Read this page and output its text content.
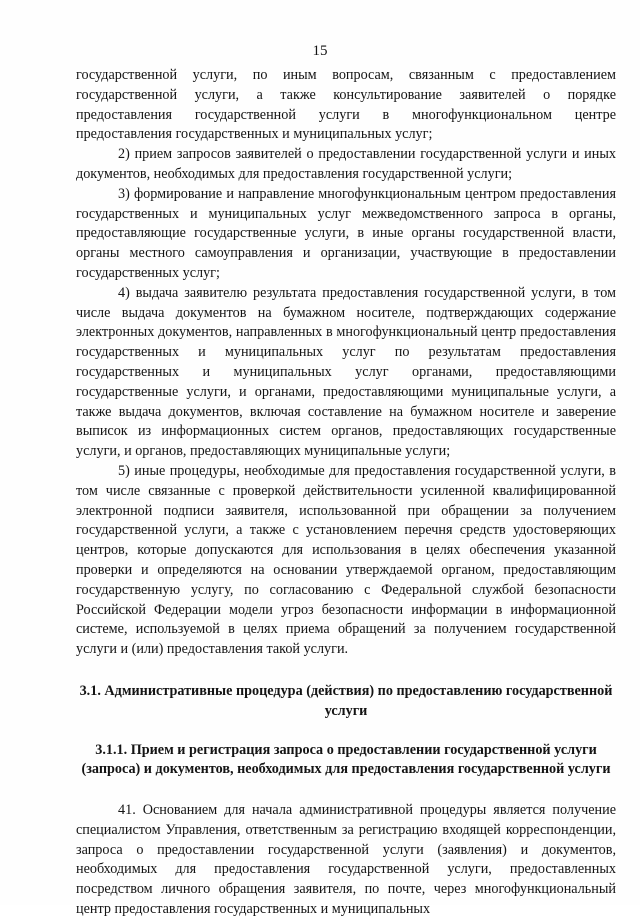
15

государственной услуги, по иным вопросам, связанным с предоставлением государственной услуги, а также консультирование заявителей о порядке предоставления государственной услуги в многофункциональном центре предоставления государственных и муниципальных услуг;

2) прием запросов заявителей о предоставлении государственной услуги и иных документов, необходимых для предоставления государственной услуги;

3) формирование и направление многофункциональным центром предоставления государственных и муниципальных услуг межведомственного запроса в органы, предоставляющие государственные услуги, в иные органы государственной власти, органы местного самоуправления и организации, участвующие в предоставлении государственных услуг;

4) выдача заявителю результата предоставления государственной услуги, в том числе выдача документов на бумажном носителе, подтверждающих содержание электронных документов, направленных в многофункциональный центр предоставления государственных и муниципальных услуг по результатам предоставления государственных и муниципальных услуг органами, предоставляющими государственные услуги, и органами, предоставляющими муниципальные услуги, а также выдача документов, включая составление на бумажном носителе и заверение выписок из информационных систем органов, предоставляющих государственные услуги, и органов, предоставляющих муниципальные услуги;

5) иные процедуры, необходимые для предоставления государственной услуги, в том числе связанные с проверкой действительности усиленной квалифицированной электронной подписи заявителя, использованной при обращении за получением государственной услуги, а также с установлением перечня средств удостоверяющих центров, которые допускаются для использования в целях обеспечения указанной проверки и определяются на основании утверждаемой органом, предоставляющим государственную услугу, по согласованию с Федеральной службой безопасности Российской Федерации модели угроз безопасности информации в информационной системе, используемой в целях приема обращений за получением государственной услуги и (или) предоставления такой услуги.

3.1. Административные процедура (действия) по предоставлению государственной услуги

3.1.1. Прием и регистрация запроса о предоставлении государственной услуги (запроса) и документов, необходимых для предоставления государственной услуги

41. Основанием для начала административной процедуры является получение специалистом Управления, ответственным за регистрацию входящей корреспонденции, запроса о предоставлении государственной услуги (заявления) и документов, необходимых для предоставления государственной услуги, предоставленных посредством личного обращения заявителя, по почте, через многофункциональный центр предоставления государственных и муниципальных
